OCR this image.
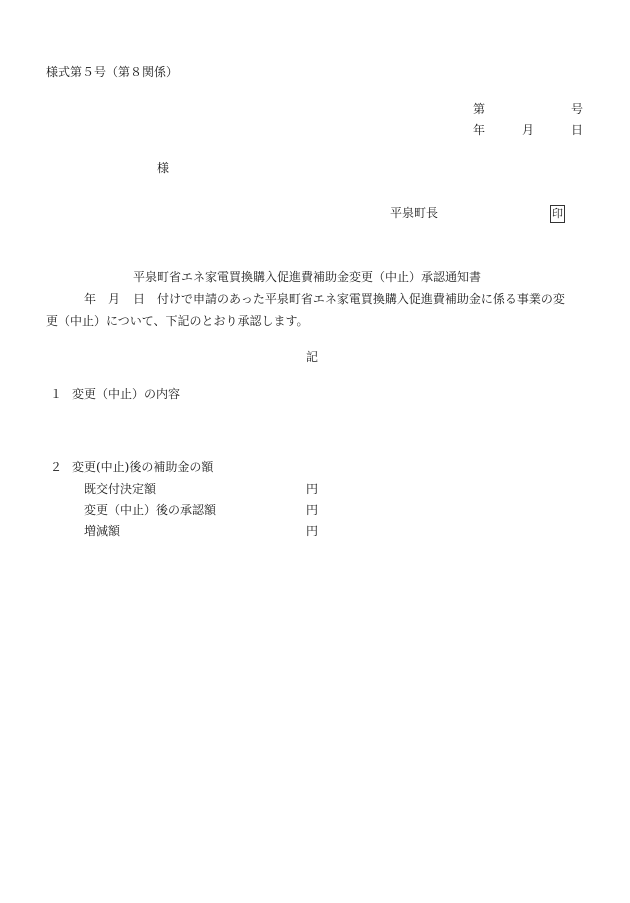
様式第５号（第８関係）
第	号
年	月	日
様
平泉町長	印
平泉町省エネ家電買換購入促進費補助金変更（中止）承認通知書
年 月 日 付けで申請のあった平泉町省エネ家電買換購入促進費補助金に係る事業の変
更（中止）について、下記のとおり承認します。
記
１ 変更（中止）の内容
２ 変更(中止)後の補助金の額
既交付決定額	円
変更（中止）後の承認額	円
増減額	円
